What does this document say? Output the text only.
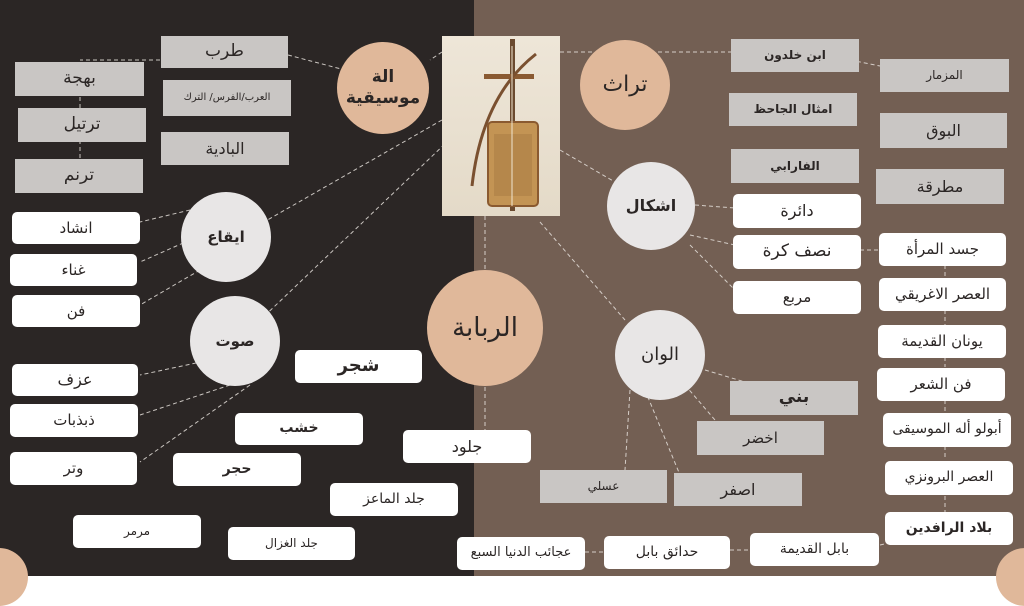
الربابة
الة موسيقية
تراث
اشكال
ايقاع
صوت
الوان
طرب
العرب/الفرس/ الترك
البادية
بهجة
ترتيل
ترنم
انشاد
غناء
فن
عزف
ذبذبات
وتر
شجر
خشب
حجر
مرمر
جلود
جلد الماعز
جلد الغزال
ابن خلدون
امثال الجاحظ
الفارابي
المزمار
البوق
مطرقة
دائرة
نصف كرة
مربع
جسد المرأة
العصر الاغريقي
يونان القديمة
فن الشعر
أبولو أله الموسيقى
العصر البرونزي
بلاد الرافدين
بني
اخضر
اصفر
عسلي
بابل القديمة
حدائق بابل
عجائب الدنيا السبع
